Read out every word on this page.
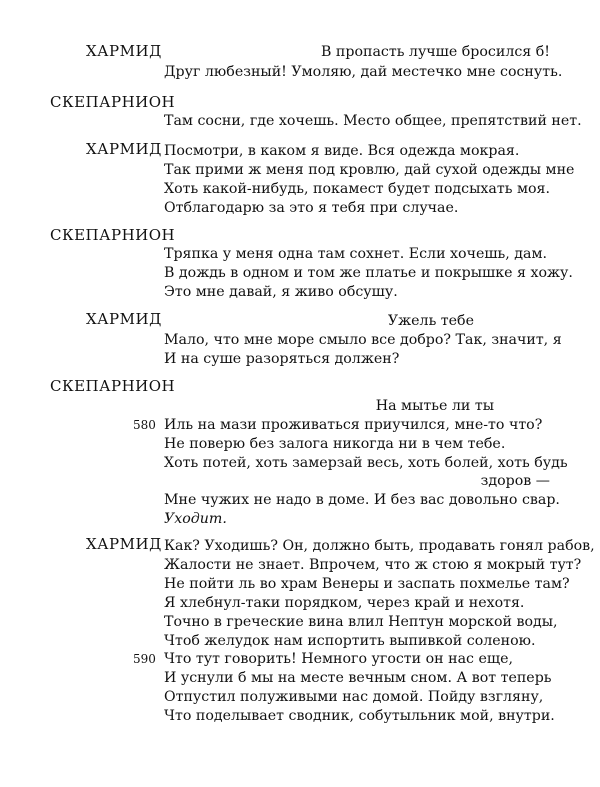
ХАРМИД	В пропасть лучше бросился б!
Друг любезный! Умоляю, дай местечко мне соснуть.
СКЕПАРНИОН
Там сосни, где хочешь. Место общее, препятствий нет.
ХАРМИД Посмотри, в каком я виде. Вся одежда мокрая.
Так прими ж меня под кровлю, дай сухой одежды мне
Хоть какой-нибудь, покамест будет подсыхать моя.
Отблагодарю за это я тебя при случае.
СКЕПАРНИОН
Тряпка у меня одна там сохнет. Если хочешь, дам.
В дождь в одном и том же платье и покрышке я хожу.
Это мне давай, я живо обсушу.
ХАРМИД	Ужель тебе
Мало, что мне море смыло все добро? Так, значит, я
И на суше разоряться должен?
СКЕПАРНИОН
На мытье ли ты
580 Иль на мази проживаться приучился, мне-то что?
Не поверю без залога никогда ни в чем тебе.
Хоть потей, хоть замерзай весь, хоть болей, хоть будь
здоров —
Мне чужих не надо в доме. И без вас довольно свар.
Уходит.
ХАРМИД Как? Уходишь? Он, должно быть, продавать гонял рабов,
Жалости не знает. Впрочем, что ж стою я мокрый тут?
Не пойти ль во храм Венеры и заспать похмелье там?
Я хлебнул-таки порядком, через край и нехотя.
Точно в греческие вина влил Нептун морской воды,
Чтоб желудок нам испортить выпивкой соленою.
590 Что тут говорить! Немного угости он нас еще,
И уснули б мы на месте вечным сном. А вот теперь
Отпустил полуживыми нас домой. Пойду взгляну,
Что поделывает сводник, собутыльник мой, внутри.
